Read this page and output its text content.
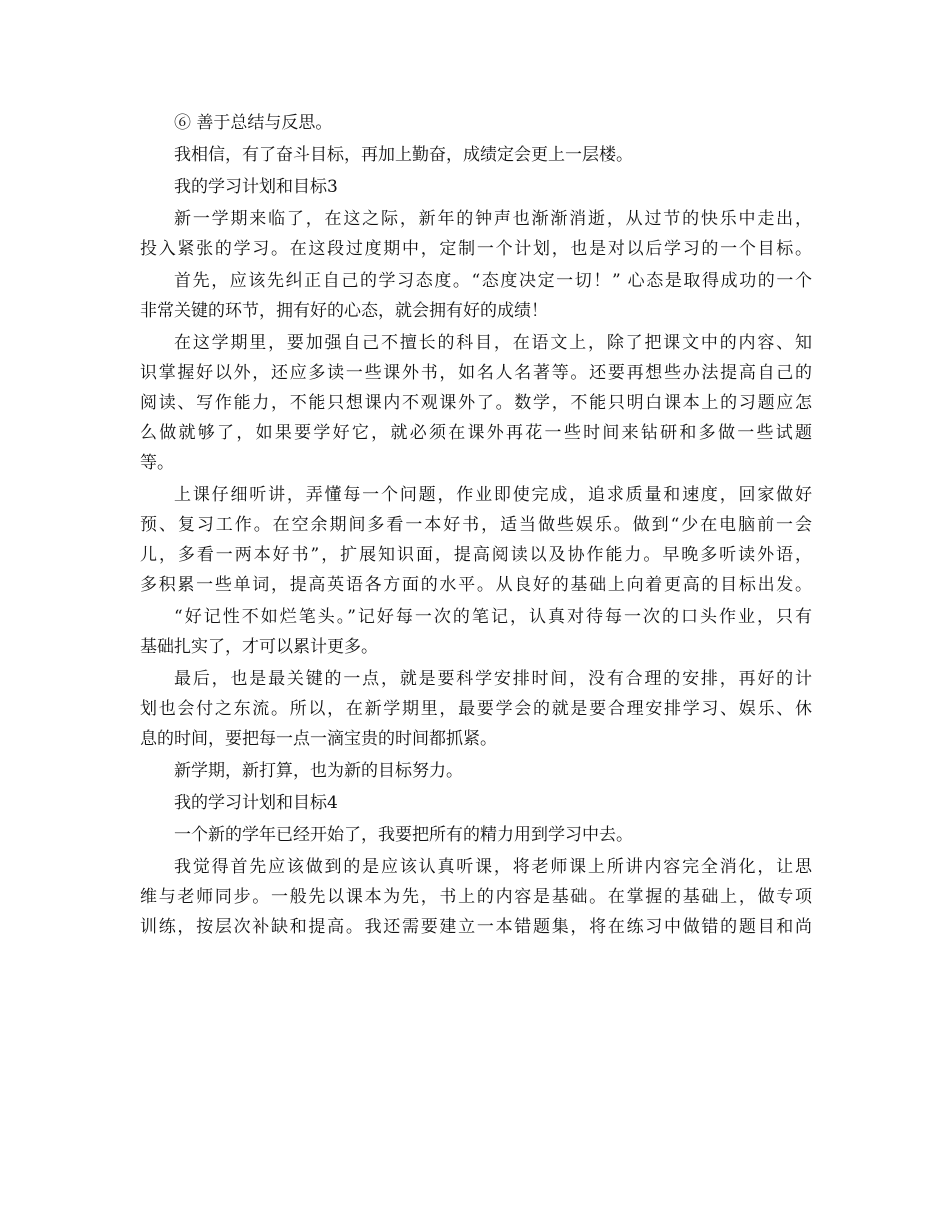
⑥ 善于总结与反思。

我相信，有了奋斗目标，再加上勤奋，成绩定会更上一层楼。

我的学习计划和目标3

新一学期来临了，在这之际，新年的钟声也渐渐消逝，从过节的快乐中走出，

投入紧张的学习。在这段过度期中，定制一个计划，也是对以后学习的一个目标。

首先，应该先纠正自己的学习态度。“态度决定一切！” 心态是取得成功的一个

非常关键的环节，拥有好的心态，就会拥有好的成绩！

在这学期里，要加强自己不擅长的科目，在语文上，除了把课文中的内容、知

识掌握好以外，还应多读一些课外书，如名人名著等。还要再想些办法提高自己的

阅读、写作能力，不能只想课内不观课外了。数学，不能只明白课本上的习题应怎

么做就够了，如果要学好它，就必须在课外再花一些时间来钻研和多做一些试题

等。

上课仔细听讲，弄懂每一个问题，作业即使完成，追求质量和速度，回家做好

预、复习工作。在空余期间多看一本好书，适当做些娱乐。做到“少在电脑前一会

儿，多看一两本好书”，扩展知识面，提高阅读以及协作能力。早晚多听读外语，

多积累一些单词，提高英语各方面的水平。从良好的基础上向着更高的目标出发。

“好记性不如烂笔头。”记好每一次的笔记，认真对待每一次的口头作业，只有

基础扎实了，才可以累计更多。

最后，也是最关键的一点，就是要科学安排时间，没有合理的安排，再好的计

划也会付之东流。所以，在新学期里，最要学会的就是要合理安排学习、娱乐、休

息的时间，要把每一点一滴宝贵的时间都抓紧。

新学期，新打算，也为新的目标努力。

我的学习计划和目标4

一个新的学年已经开始了，我要把所有的精力用到学习中去。

我觉得首先应该做到的是应该认真听课，将老师课上所讲内容完全消化，让思

维与老师同步。一般先以课本为先，书上的内容是基础。在掌握的基础上，做专项

训练，按层次补缺和提高。我还需要建立一本错题集，将在练习中做错的题目和尚
